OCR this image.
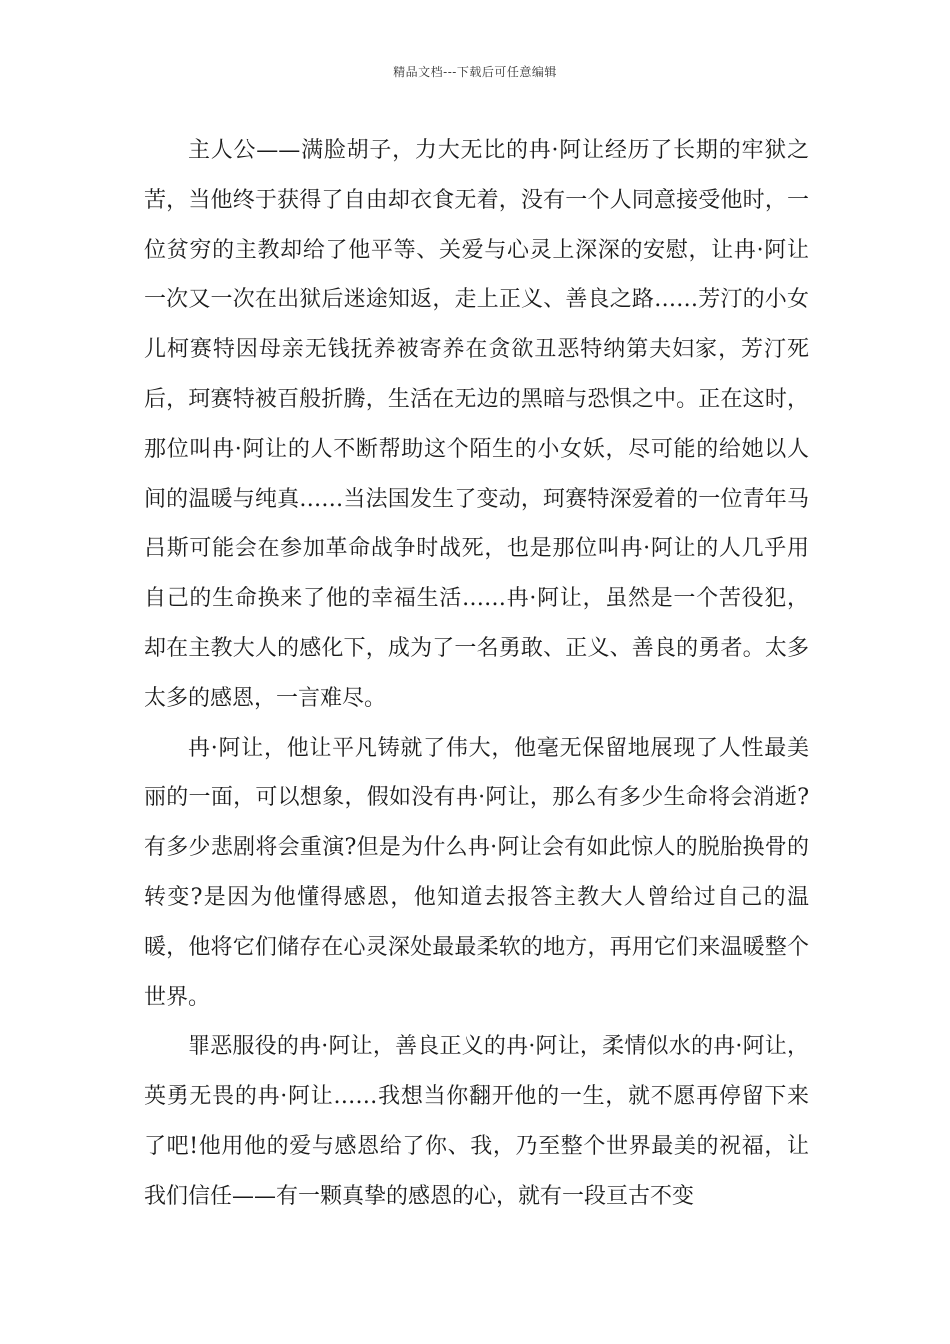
精品文档---下载后可任意编辑

主人公——满脸胡子，力大无比的冉·阿让经历了长期的牢狱之苦，当他终于获得了自由却衣食无着，没有一个人同意接受他时，一位贫穷的主教却给了他平等、关爱与心灵上深深的安慰，让冉·阿让一次又一次在出狱后迷途知返，走上正义、善良之路……芳汀的小女儿柯赛特因母亲无钱抚养被寄养在贪欲丑恶特纳第夫妇家，芳汀死后，珂赛特被百般折腾，生活在无边的黑暗与恐惧之中。正在这时，那位叫冉·阿让的人不断帮助这个陌生的小女妖，尽可能的给她以人间的温暖与纯真……当法国发生了变动，珂赛特深爱着的一位青年马吕斯可能会在参加革命战争时战死，也是那位叫冉·阿让的人几乎用自己的生命换来了他的幸福生活……冉·阿让，虽然是一个苦役犯，却在主教大人的感化下，成为了一名勇敢、正义、善良的勇者。太多太多的感恩，一言难尽。

冉·阿让，他让平凡铸就了伟大，他毫无保留地展现了人性最美丽的一面，可以想象，假如没有冉·阿让，那么有多少生命将会消逝?有多少悲剧将会重演?但是为什么冉·阿让会有如此惊人的脱胎换骨的转变?是因为他懂得感恩，他知道去报答主教大人曾给过自己的温暖，他将它们储存在心灵深处最最柔软的地方，再用它们来温暖整个世界。

罪恶服役的冉·阿让，善良正义的冉·阿让，柔情似水的冉·阿让，英勇无畏的冉·阿让……我想当你翻开他的一生，就不愿再停留下来了吧!他用他的爱与感恩给了你、我，乃至整个世界最美的祝福，让我们信任——有一颗真挚的感恩的心，就有一段亘古不变
